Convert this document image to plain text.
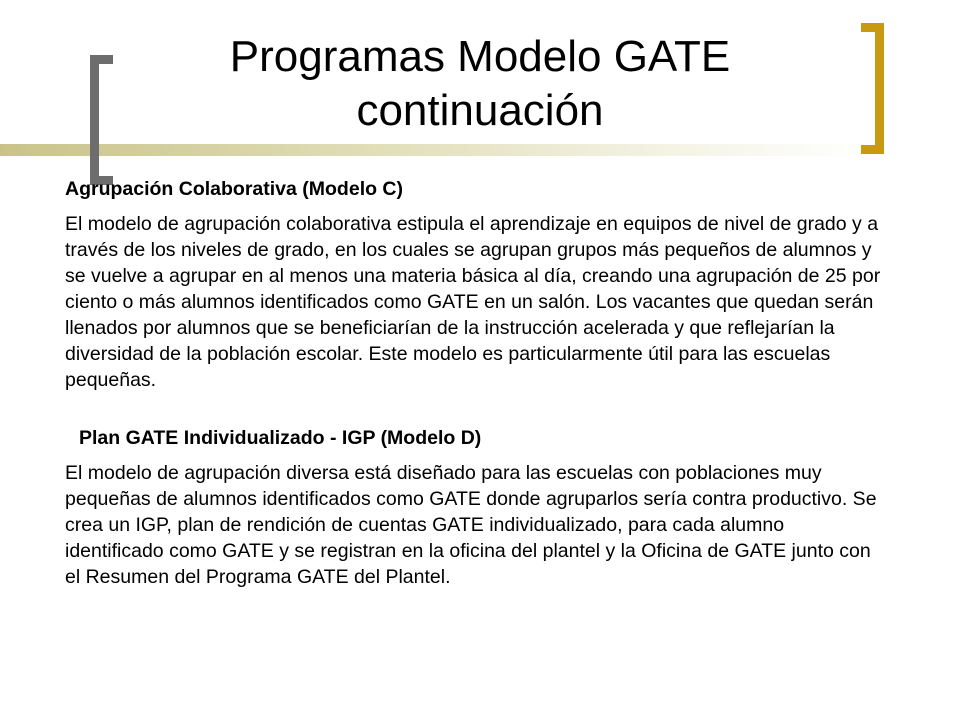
Programas Modelo GATE
continuación

Agrupación Colaborativa (Modelo C)

El modelo de agrupación colaborativa estipula el aprendizaje en equipos de nivel de grado y a través de los niveles de grado, en los cuales se agrupan grupos más pequeños de alumnos y se vuelve a agrupar en al menos una materia básica al día, creando una agrupación de 25 por ciento o más alumnos identificados como GATE en un salón. Los vacantes que quedan serán llenados por alumnos que se beneficiarían de la instrucción acelerada y que reflejarían la diversidad de la población escolar. Este modelo es particularmente útil para las escuelas pequeñas.

Plan GATE Individualizado - IGP (Modelo D)

El modelo de agrupación diversa está diseñado para las escuelas con poblaciones muy pequeñas de alumnos identificados como GATE donde agruparlos sería contra productivo. Se crea un IGP, plan de rendición de cuentas GATE individualizado, para cada alumno identificado como GATE y se registran en la oficina del plantel y la Oficina de GATE junto con el Resumen del Programa GATE del Plantel.
